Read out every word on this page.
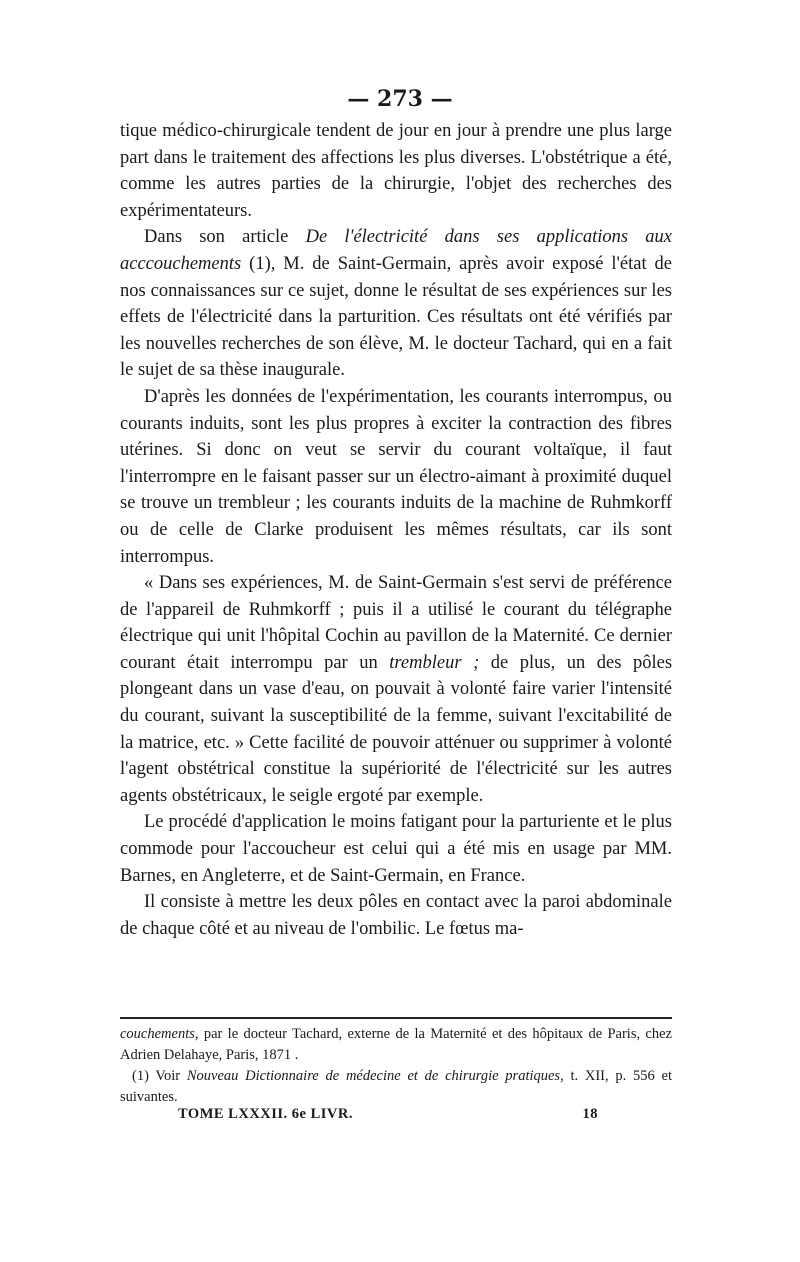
— 273 —

tique médico-chirurgicale tendent de jour en jour à prendre une plus large part dans le traitement des affections les plus diverses. L'obstétrique a été, comme les autres parties de la chirurgie, l'objet des recherches des expérimentateurs.

Dans son article De l'électricité dans ses applications aux acccouchements (1), M. de Saint-Germain, après avoir exposé l'état de nos connaissances sur ce sujet, donne le résultat de ses expériences sur les effets de l'électricité dans la parturition. Ces résultats ont été vérifiés par les nouvelles recherches de son élève, M. le docteur Tachard, qui en a fait le sujet de sa thèse inaugurale.

D'après les données de l'expérimentation, les courants interrompus, ou courants induits, sont les plus propres à exciter la contraction des fibres utérines. Si donc on veut se servir du courant voltaïque, il faut l'interrompre en le faisant passer sur un électro-aimant à proximité duquel se trouve un trembleur ; les courants induits de la machine de Ruhmkorff ou de celle de Clarke produisent les mêmes résultats, car ils sont interrompus.

« Dans ses expériences, M. de Saint-Germain s'est servi de préférence de l'appareil de Ruhmkorff ; puis il a utilisé le courant du télégraphe électrique qui unit l'hôpital Cochin au pavillon de la Maternité. Ce dernier courant était interrompu par un trembleur ; de plus, un des pôles plongeant dans un vase d'eau, on pouvait à volonté faire varier l'intensité du courant, suivant la susceptibilité de la femme, suivant l'excitabilité de la matrice, etc. » Cette facilité de pouvoir atténuer ou supprimer à volonté l'agent obstétrical constitue la supériorité de l'électricité sur les autres agents obstétricaux, le seigle ergoté par exemple.

Le procédé d'application le moins fatigant pour la parturiente et le plus commode pour l'accoucheur est celui qui a été mis en usage par MM. Barnes, en Angleterre, et de Saint-Germain, en France.

Il consiste à mettre les deux pôles en contact avec la paroi abdominale de chaque côté et au niveau de l'ombilic. Le fœtus ma-

couchements, par le docteur Tachard, externe de la Maternité et des hôpitaux de Paris, chez Adrien Delahaye, Paris, 1871 .

(1) Voir Nouveau Dictionnaire de médecine et de chirurgie pratiques, t. XII, p. 556 et suivantes.

TOME LXXXII. 6e LIVR.	18
